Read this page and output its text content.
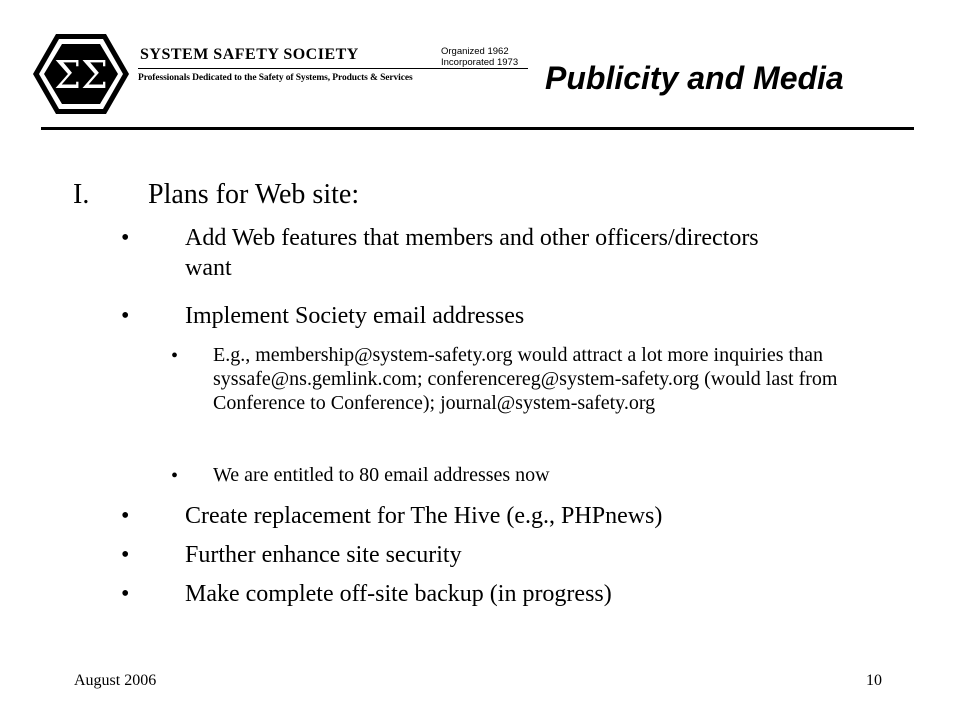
ΣΣ SYSTEM SAFETY SOCIETY	Organized 1962
Incorporated 1973
Professionals Dedicated to the Safety of Systems, Products & Services	Publicity and Media
I. Plans for Web site:
• Add Web features that members and other officers/directors want
• Implement Society email addresses
• E.g., membership@system-safety.org would attract a lot more inquiries than syssafe@ns.gemlink.com; conferencereg@system-safety.org (would last from Conference to Conference); journal@system-safety.org
• We are entitled to 80 email addresses now
• Create replacement for The Hive (e.g., PHPnews)
• Further enhance site security
• Make complete off-site backup (in progress)
August 2006	10
